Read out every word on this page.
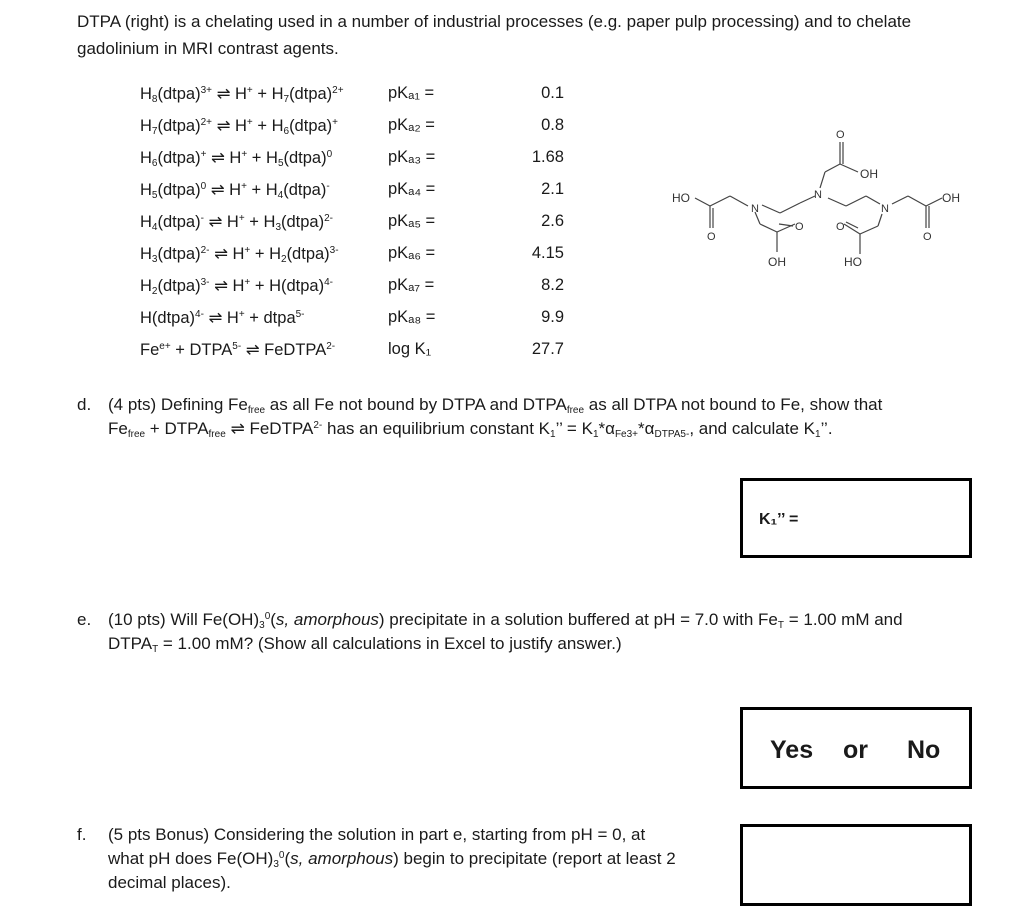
DTPA (right) is a chelating used in a number of industrial processes (e.g. paper pulp processing) and to chelate gadolinium in MRI contrast agents.
$H_8(dtpa)^{3+}$ ⇌ $H^+ + H_7(dtpa)^{2+}$	pKₐ₁ =	0.1
$H_7(dtpa)^{2+}$ ⇌ $H^+ + H_6(dtpa)^+$	pKₐ₂ =	0.8
$H_6(dtpa)^+$ ⇌ $H^+ + H_5(dtpa)^0$	pKₐ₃ =	1.68
$H_5(dtpa)^0$ ⇌ $H^+ + H_4(dtpa)^-$	pKₐ₄ =	2.1
$H_4(dtpa)^-$ ⇌ $H^+ + H_3(dtpa)^{2-}$	pKₐ₅ =	2.6
$H_3(dtpa)^{2-}$ ⇌ $H^+ + H_2(dtpa)^{3-}$	pKₐ₆ =	4.15
$H_2(dtpa)^{3-}$ ⇌ H+ + H(dtpa)$^{4-}$	pKₐ₇ =	8.2
H(dtpa)$^{4-}$ ⇌ H+ + dtpa$^{5-}$	pKₐ₈ =	9.9
$Fe^{e+}$ + $DTPA^{5-}$ ⇌ FeDTPA$^{2-}$	log K₁	27.7
HO
N
N
N
O
OH
OH
O
O	O
O
OH	HO
d. (4 pts) Defining $Fe_{free}$ as all Fe not bound by DTPA and $DTPA_{free}$ as all DTPA not bound to Fe, show that
$Fe_{free}$ + $DTPA_{free}$ ⇌ FeDTPA$^{2-}$ has an equilibrium constant $K_1$’’ = $K_1*\alpha_{Fe3+}*\alpha_{DTPA5-}$, and calculate $K_1$’’.
K₁’’ =
e. (10 pts) Will $Fe(OH)_3^0(s$, amorphous) precipitate in a solution buffered at pH = 7.0 with $Fe_T = 1.00$ mM and
$DTPA_T = 1.00$ mM? (Show all calculations in Excel to justify answer.)
Yes or No
f. (5 pts Bonus) Considering the solution in part e, starting from pH = 0, at
what pH does $Fe(OH)_3^0(s$, amorphous) begin to precipitate (report at least 2
decimal places).
